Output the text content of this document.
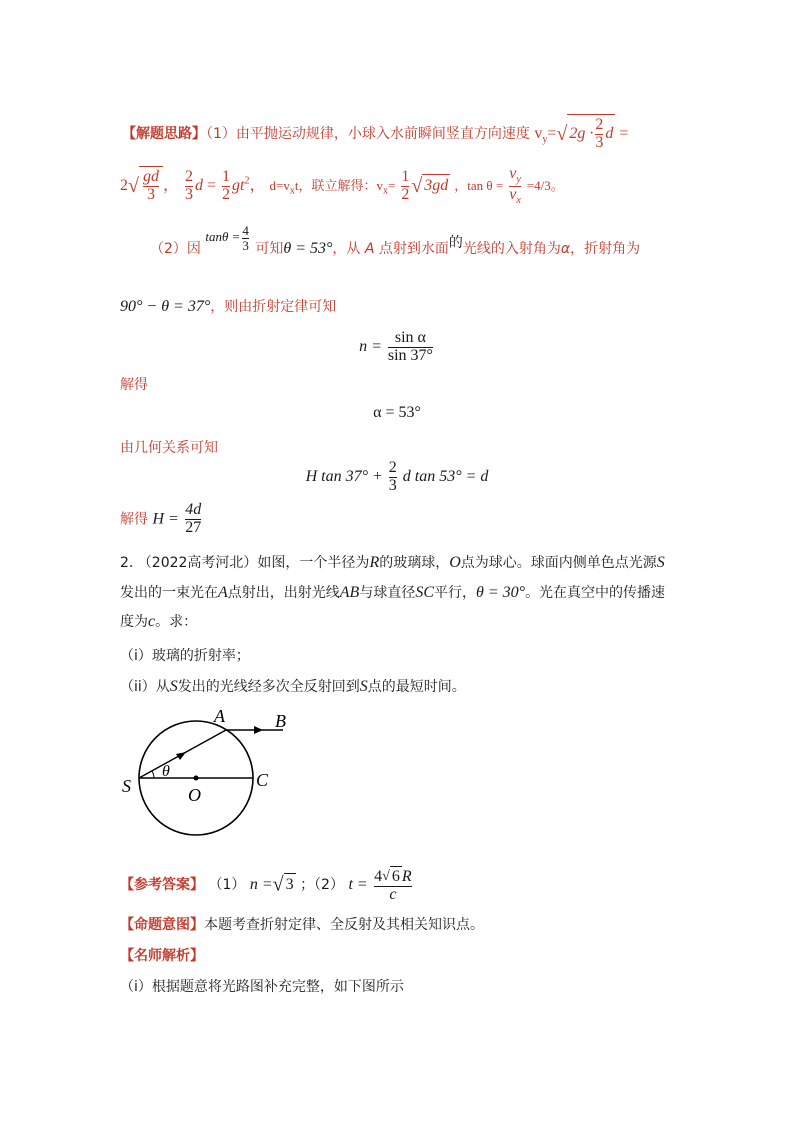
【解题思路】（1）由平抛运动规律，小球入水前瞬间竖直方向速度 $v_y=√$ $2g \cdot \frac{2}{3}$ d =
$2√ \frac{gd}{3}$ ， $\frac{2}{3}$ $d = \frac{1}{2} gt^2$， $d=v_xt$，联立解得：$v_x= \frac{1}{2}$ √ 3gd ，$\tan \theta = \frac{v_y}{v_x} =4/3$。
（2）因 $\tan\theta = \frac{4}{3}$ 可知θ = 53°，从 A 点射到水面的光线的入射角为α，折射角为
90° − θ = 37°，则由折射定律可知
$n = \frac{\text{sin α}}{\sin 37^\circ}$
解得
α = 53°
由几何关系可知
H $\tan 37^\circ + \frac{2}{3}$ d tan 53° = d
解得 $H = \frac{4d}{27}$
2. （2022高考河北）如图，一个半径为R的玻璃球，O点为球心。球面内侧单色点光源S
发出的一束光在A点射出，出射光线AB与球直径SC平行，θ = 30°。光在真空中的传播速
度为c。求：
（i）玻璃的折射率；
（ii）从S发出的光线经多次全反射回到S点的最短时间。
A	B
S	C
O
θ
【参考答案】 （1） n =√ 3 ；（2） $t = \frac{4√ 6 R}{c}$
【命题意图】本题考查折射定律、全反射及其相关知识点。
【名师解析】
（i）根据题意将光路图补充完整，如下图所示
